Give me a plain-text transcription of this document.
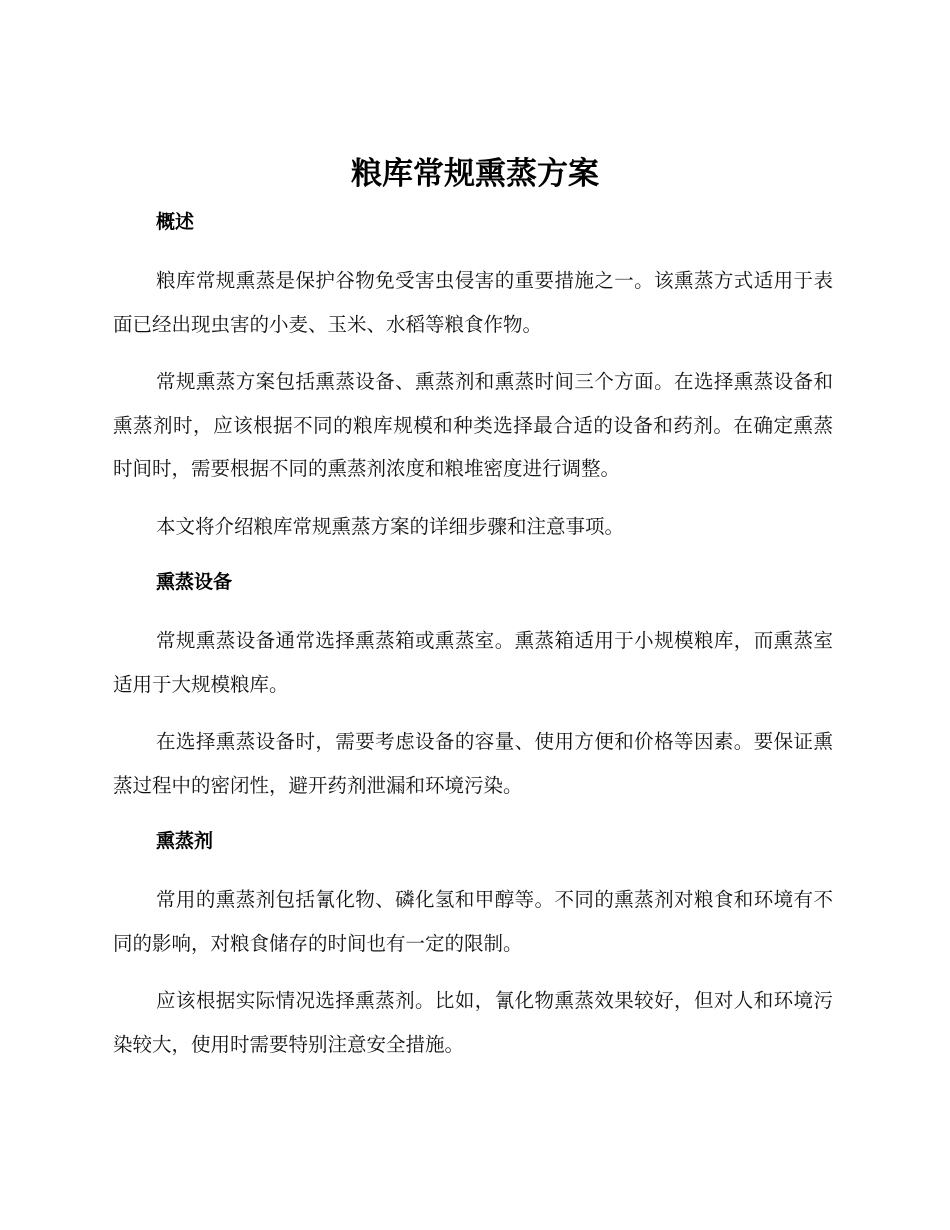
粮库常规熏蒸方案
概述

粮库常规熏蒸是保护谷物免受害虫侵害的重要措施之一。该熏蒸方式适用于表面已经出现虫害的小麦、玉米、水稻等粮食作物。

常规熏蒸方案包括熏蒸设备、熏蒸剂和熏蒸时间三个方面。在选择熏蒸设备和熏蒸剂时，应该根据不同的粮库规模和种类选择最合适的设备和药剂。在确定熏蒸时间时，需要根据不同的熏蒸剂浓度和粮堆密度进行调整。

本文将介绍粮库常规熏蒸方案的详细步骤和注意事项。

熏蒸设备

常规熏蒸设备通常选择熏蒸箱或熏蒸室。熏蒸箱适用于小规模粮库，而熏蒸室适用于大规模粮库。

在选择熏蒸设备时，需要考虑设备的容量、使用方便和价格等因素。要保证熏蒸过程中的密闭性，避开药剂泄漏和环境污染。

熏蒸剂

常用的熏蒸剂包括氰化物、磷化氢和甲醇等。不同的熏蒸剂对粮食和环境有不同的影响，对粮食储存的时间也有一定的限制。

应该根据实际情况选择熏蒸剂。比如，氰化物熏蒸效果较好，但对人和环境污染较大，使用时需要特别注意安全措施。
